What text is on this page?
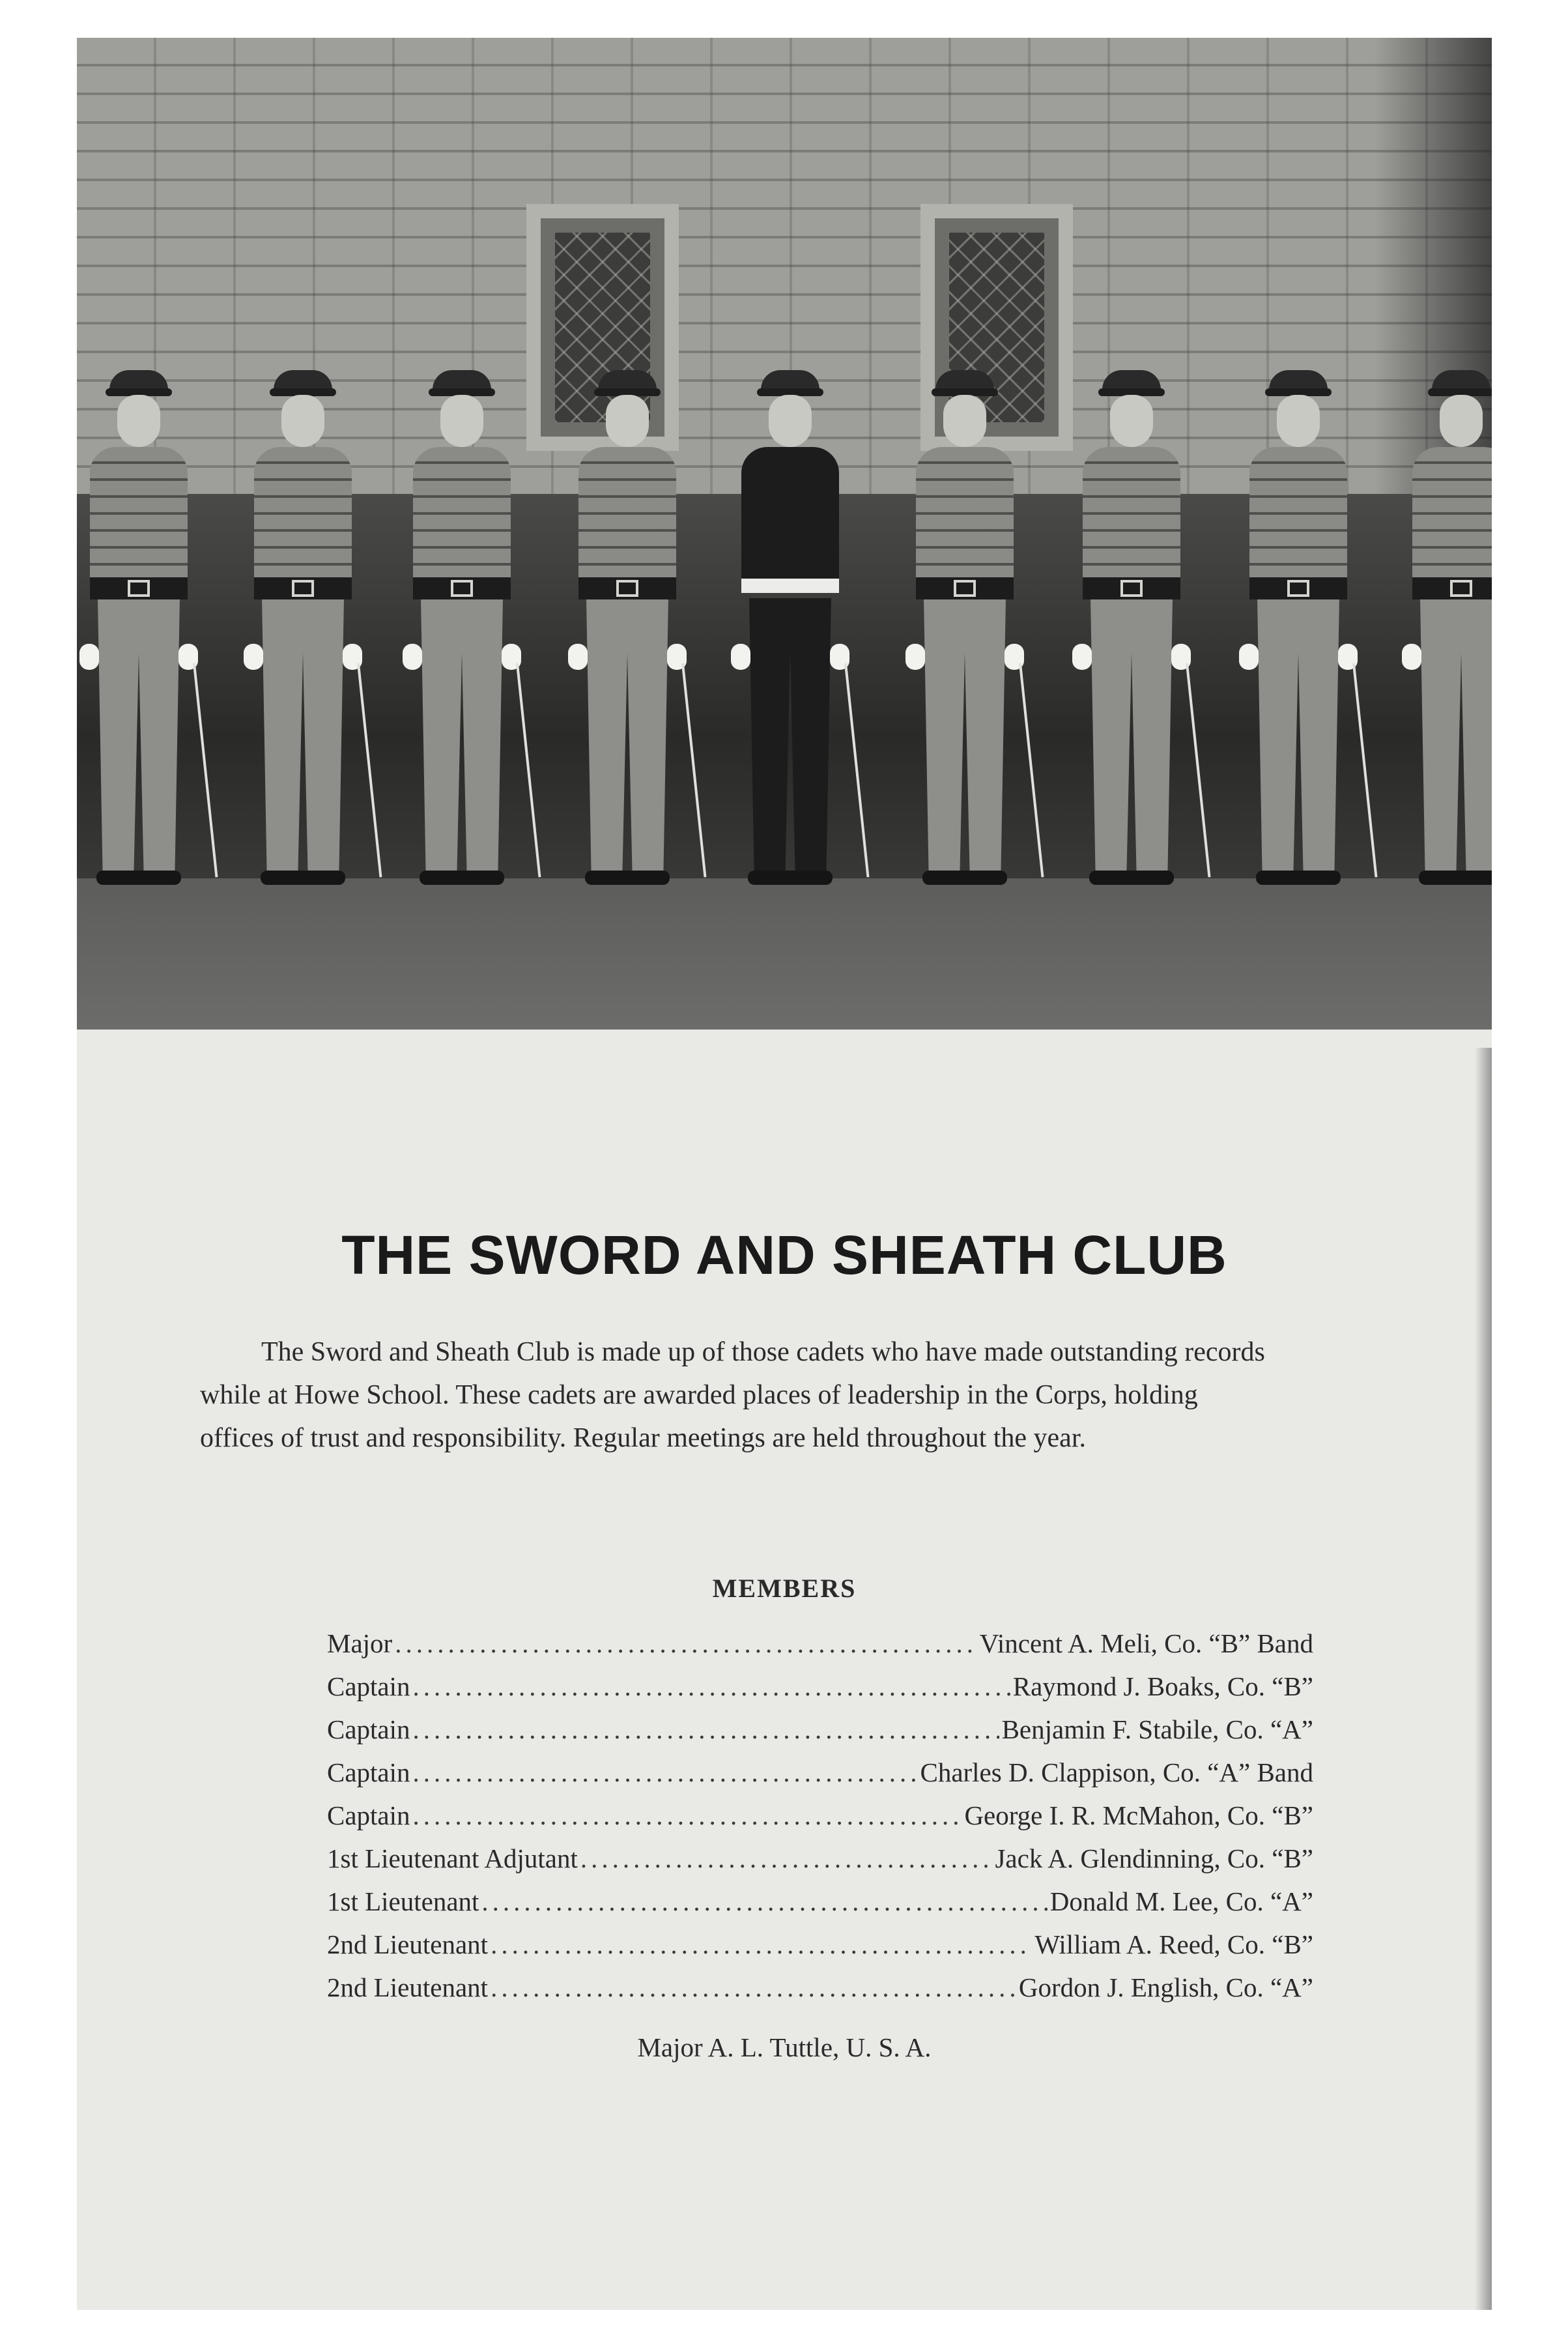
THE SWORD AND SHEATH CLUB

The Sword and Sheath Club is made up of those cadets who have made outstanding records
while at Howe School. These cadets are awarded places of leadership in the Corps, holding
offices of trust and responsibility. Regular meetings are held throughout the year.

MEMBERS
Major .....	Vincent A. Meli, Co. “B” Band
Captain .....	Raymond J. Boaks, Co. “B”
Captain .....	Benjamin F. Stabile, Co. “A”
Captain .....	Charles D. Clappison, Co. “A” Band
Captain .....	George I. R. McMahon, Co. “B”
1st Lieutenant Adjutant .....	Jack A. Glendinning, Co. “B”
1st Lieutenant .....	Donald M. Lee, Co. “A”
2nd Lieutenant .....	William A. Reed, Co. “B”
2nd Lieutenant .....	Gordon J. English, Co. “A”

Major A. L. Tuttle, U. S. A.
